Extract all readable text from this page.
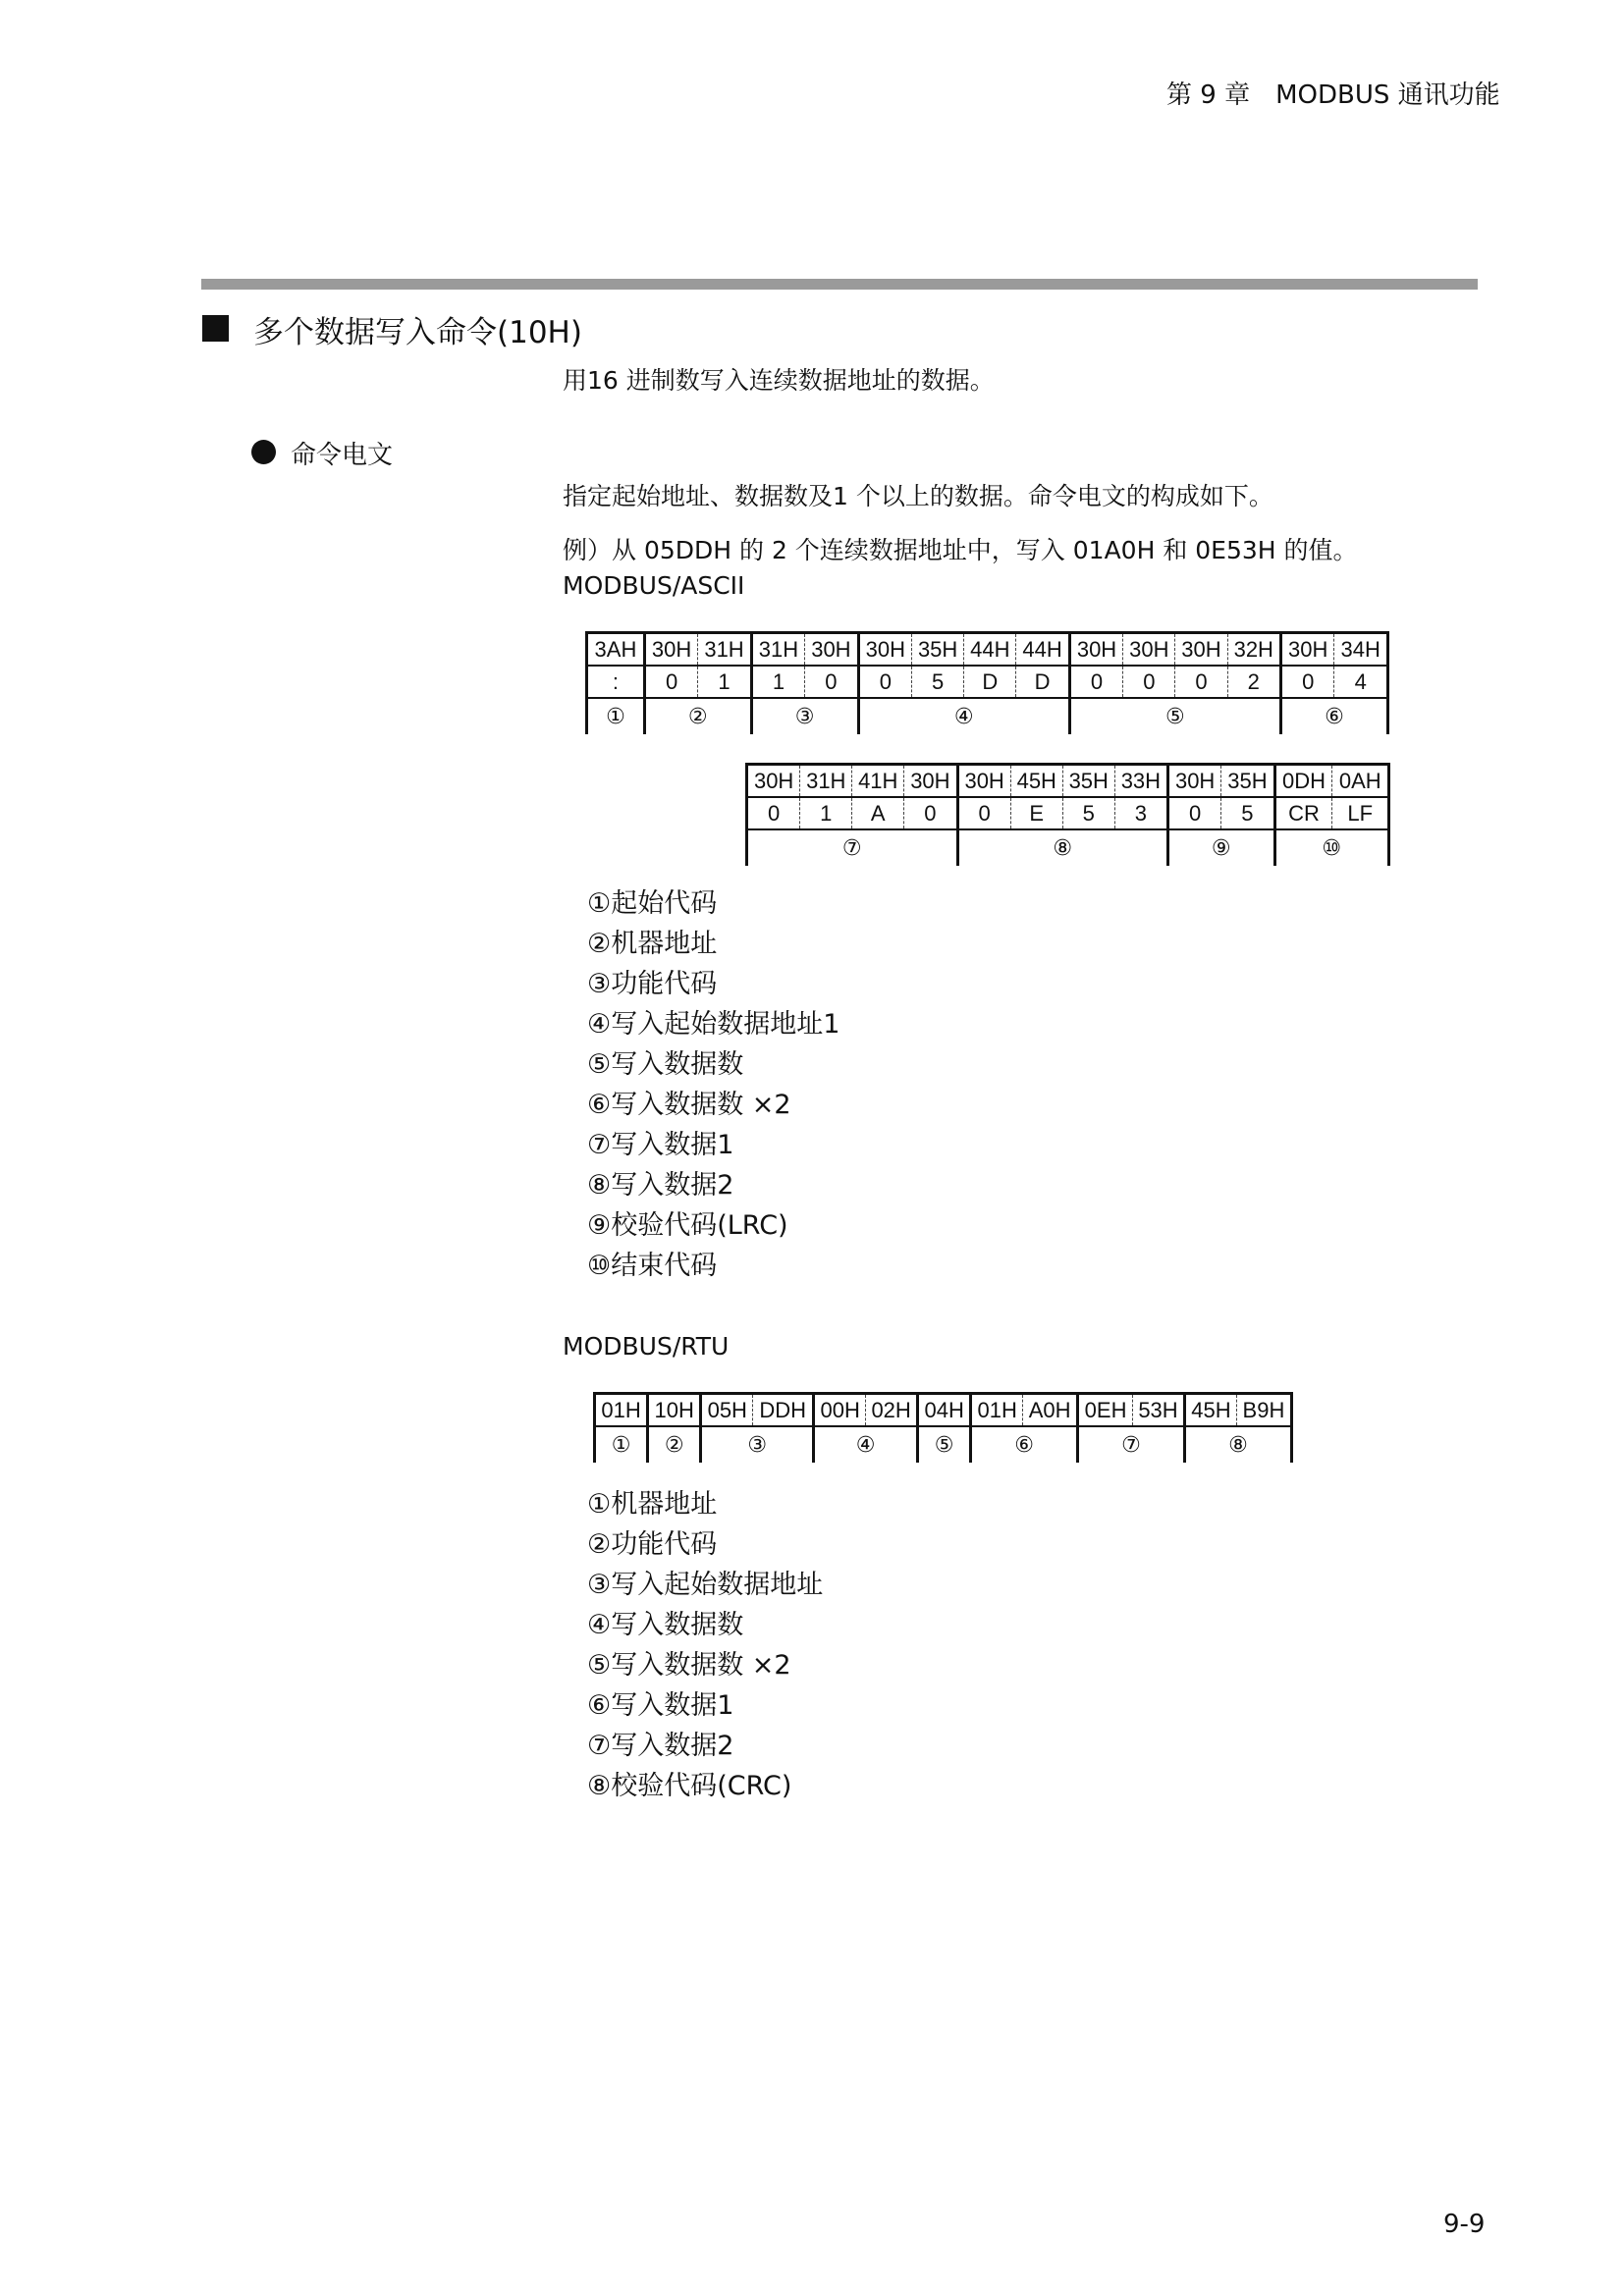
第 9 章　MODBUS 通讯功能
多个数据写入命令(10H)
用16 进制数写入连续数据地址的数据。
命令电文
指定起始地址、数据数及1 个以上的数据。命令电文的构成如下。
例）从 05DDH 的 2 个连续数据地址中，写入 01A0H 和 0E53H 的值。
MODBUS/ASCII
3AH	30H	31H	31H	30H	30H	35H	44H	44H	30H	30H	30H	32H	30H	34H
:	0	1	1	0	0	5	D	D	0	0	0	2	0	4
①	②		③		④				⑤				⑥	
30H	31H	41H	30H	30H	45H	35H	33H	30H	35H	0DH	0AH
0	1	A	0	0	E	5	3	0	5	CR	LF
⑦				⑧				⑨		⑩	
①起始代码
②机器地址
③功能代码
④写入起始数据地址1
⑤写入数据数
⑥写入数据数 ×2
⑦写入数据1
⑧写入数据2
⑨校验代码(LRC)
⑩结束代码
MODBUS/RTU
01H	10H	05H	DDH	00H	02H	04H	01H	A0H	0EH	53H	45H	B9H
①	②	③		④		⑤	⑥		⑦		⑧	
①机器地址
②功能代码
③写入起始数据地址
④写入数据数
⑤写入数据数 ×2
⑥写入数据1
⑦写入数据2
⑧校验代码(CRC)
9-9
